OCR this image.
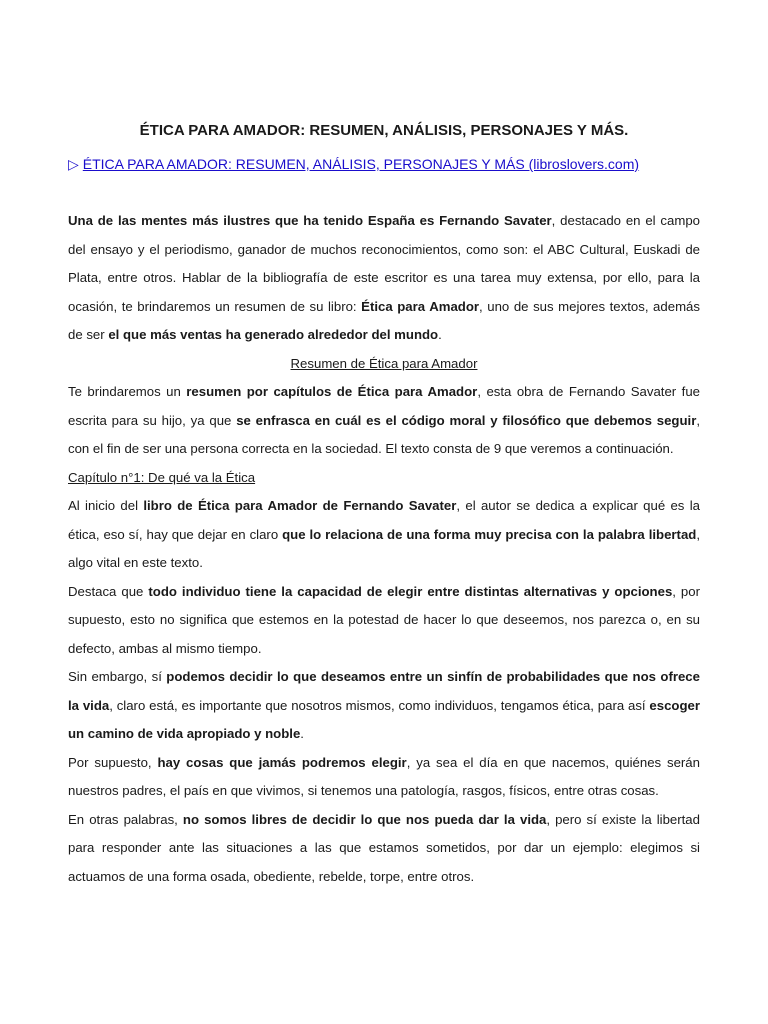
ÉTICA PARA AMADOR: RESUMEN, ANÁLISIS, PERSONAJES Y MÁS.
▷ ÉTICA PARA AMADOR: RESUMEN, ANÁLISIS, PERSONAJES Y MÁS (libroslovers.com)

Una de las mentes más ilustres que ha tenido España es Fernando Savater, destacado en el campo del ensayo y el periodismo, ganador de muchos reconocimientos, como son: el ABC Cultural, Euskadi de Plata, entre otros. Hablar de la bibliografía de este escritor es una tarea muy extensa, por ello, para la ocasión, te brindaremos un resumen de su libro: Ética para Amador, uno de sus mejores textos, además de ser el que más ventas ha generado alrededor del mundo.

Resumen de Ética para Amador

Te brindaremos un resumen por capítulos de Ética para Amador, esta obra de Fernando Savater fue escrita para su hijo, ya que se enfrasca en cuál es el código moral y filosófico que debemos seguir, con el fin de ser una persona correcta en la sociedad. El texto consta de 9 que veremos a continuación.

Capítulo n°1: De qué va la Ética

Al inicio del libro de Ética para Amador de Fernando Savater, el autor se dedica a explicar qué es la ética, eso sí, hay que dejar en claro que lo relaciona de una forma muy precisa con la palabra libertad, algo vital en este texto.

Destaca que todo individuo tiene la capacidad de elegir entre distintas alternativas y opciones, por supuesto, esto no significa que estemos en la potestad de hacer lo que deseemos, nos parezca o, en su defecto, ambas al mismo tiempo.

Sin embargo, sí podemos decidir lo que deseamos entre un sinfín de probabilidades que nos ofrece la vida, claro está, es importante que nosotros mismos, como individuos, tengamos ética, para así escoger un camino de vida apropiado y noble.

Por supuesto, hay cosas que jamás podremos elegir, ya sea el día en que nacemos, quiénes serán nuestros padres, el país en que vivimos, si tenemos una patología, rasgos, físicos, entre otras cosas.

En otras palabras, no somos libres de decidir lo que nos pueda dar la vida, pero sí existe la libertad para responder ante las situaciones a las que estamos sometidos, por dar un ejemplo: elegimos si actuamos de una forma osada, obediente, rebelde, torpe, entre otros.
